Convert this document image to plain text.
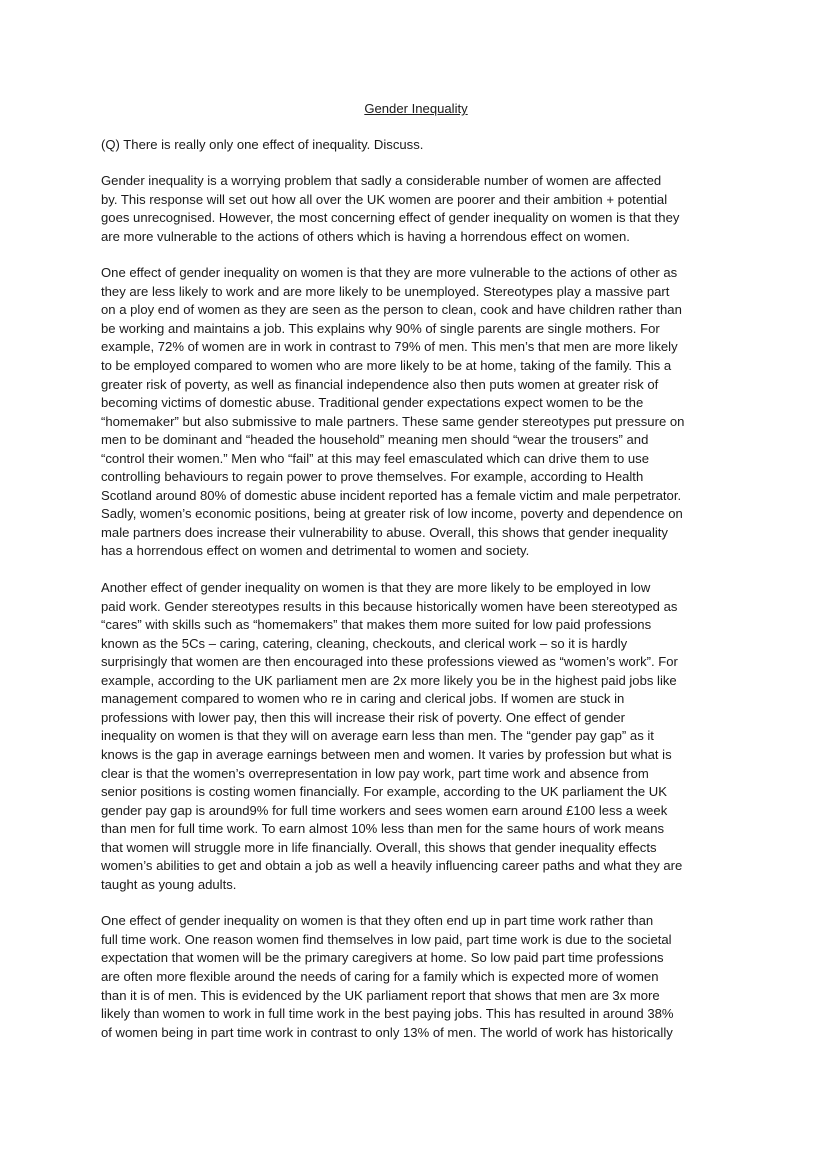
Gender Inequality
(Q) There is really only one effect of inequality. Discuss.
Gender inequality is a worrying problem that sadly a considerable number of women are affected
by. This response will set out how all over the UK women are poorer and their ambition + potential
goes unrecognised. However, the most concerning effect of gender inequality on women is that they
are more vulnerable to the actions of others which is having a horrendous effect on women.
One effect of gender inequality on women is that they are more vulnerable to the actions of other as
they are less likely to work and are more likely to be unemployed. Stereotypes play a massive part
on a ploy end of women as they are seen as the person to clean, cook and have children rather than
be working and maintains a job. This explains why 90% of single parents are single mothers. For
example, 72% of women are in work in contrast to 79% of men. This men’s that men are more likely
to be employed compared to women who are more likely to be at home, taking of the family. This a
greater risk of poverty, as well as financial independence also then puts women at greater risk of
becoming victims of domestic abuse. Traditional gender expectations expect women to be the
“homemaker” but also submissive to male partners. These same gender stereotypes put pressure on
men to be dominant and “headed the household” meaning men should “wear the trousers” and
“control their women.” Men who “fail” at this may feel emasculated which can drive them to use
controlling behaviours to regain power to prove themselves. For example, according to Health
Scotland around 80% of domestic abuse incident reported has a female victim and male perpetrator.
Sadly, women’s economic positions, being at greater risk of low income, poverty and dependence on
male partners does increase their vulnerability to abuse. Overall, this shows that gender inequality
has a horrendous effect on women and detrimental to women and society.
Another effect of gender inequality on women is that they are more likely to be employed in low
paid work. Gender stereotypes results in this because historically women have been stereotyped as
“cares” with skills such as “homemakers” that makes them more suited for low paid professions
known as the 5Cs – caring, catering, cleaning, checkouts, and clerical work – so it is hardly
surprisingly that women are then encouraged into these professions viewed as “women’s work”. For
example, according to the UK parliament men are 2x more likely you be in the highest paid jobs like
management compared to women who re in caring and clerical jobs. If women are stuck in
professions with lower pay, then this will increase their risk of poverty. One effect of gender
inequality on women is that they will on average earn less than men. The “gender pay gap” as it
knows is the gap in average earnings between men and women. It varies by profession but what is
clear is that the women’s overrepresentation in low pay work, part time work and absence from
senior positions is costing women financially. For example, according to the UK parliament the UK
gender pay gap is around9% for full time workers and sees women earn around £100 less a week
than men for full time work. To earn almost 10% less than men for the same hours of work means
that women will struggle more in life financially. Overall, this shows that gender inequality effects
women’s abilities to get and obtain a job as well a heavily influencing career paths and what they are
taught as young adults.
One effect of gender inequality on women is that they often end up in part time work rather than
full time work. One reason women find themselves in low paid, part time work is due to the societal
expectation that women will be the primary caregivers at home. So low paid part time professions
are often more flexible around the needs of caring for a family which is expected more of women
than it is of men. This is evidenced by the UK parliament report that shows that men are 3x more
likely than women to work in full time work in the best paying jobs. This has resulted in around 38%
of women being in part time work in contrast to only 13% of men. The world of work has historically
